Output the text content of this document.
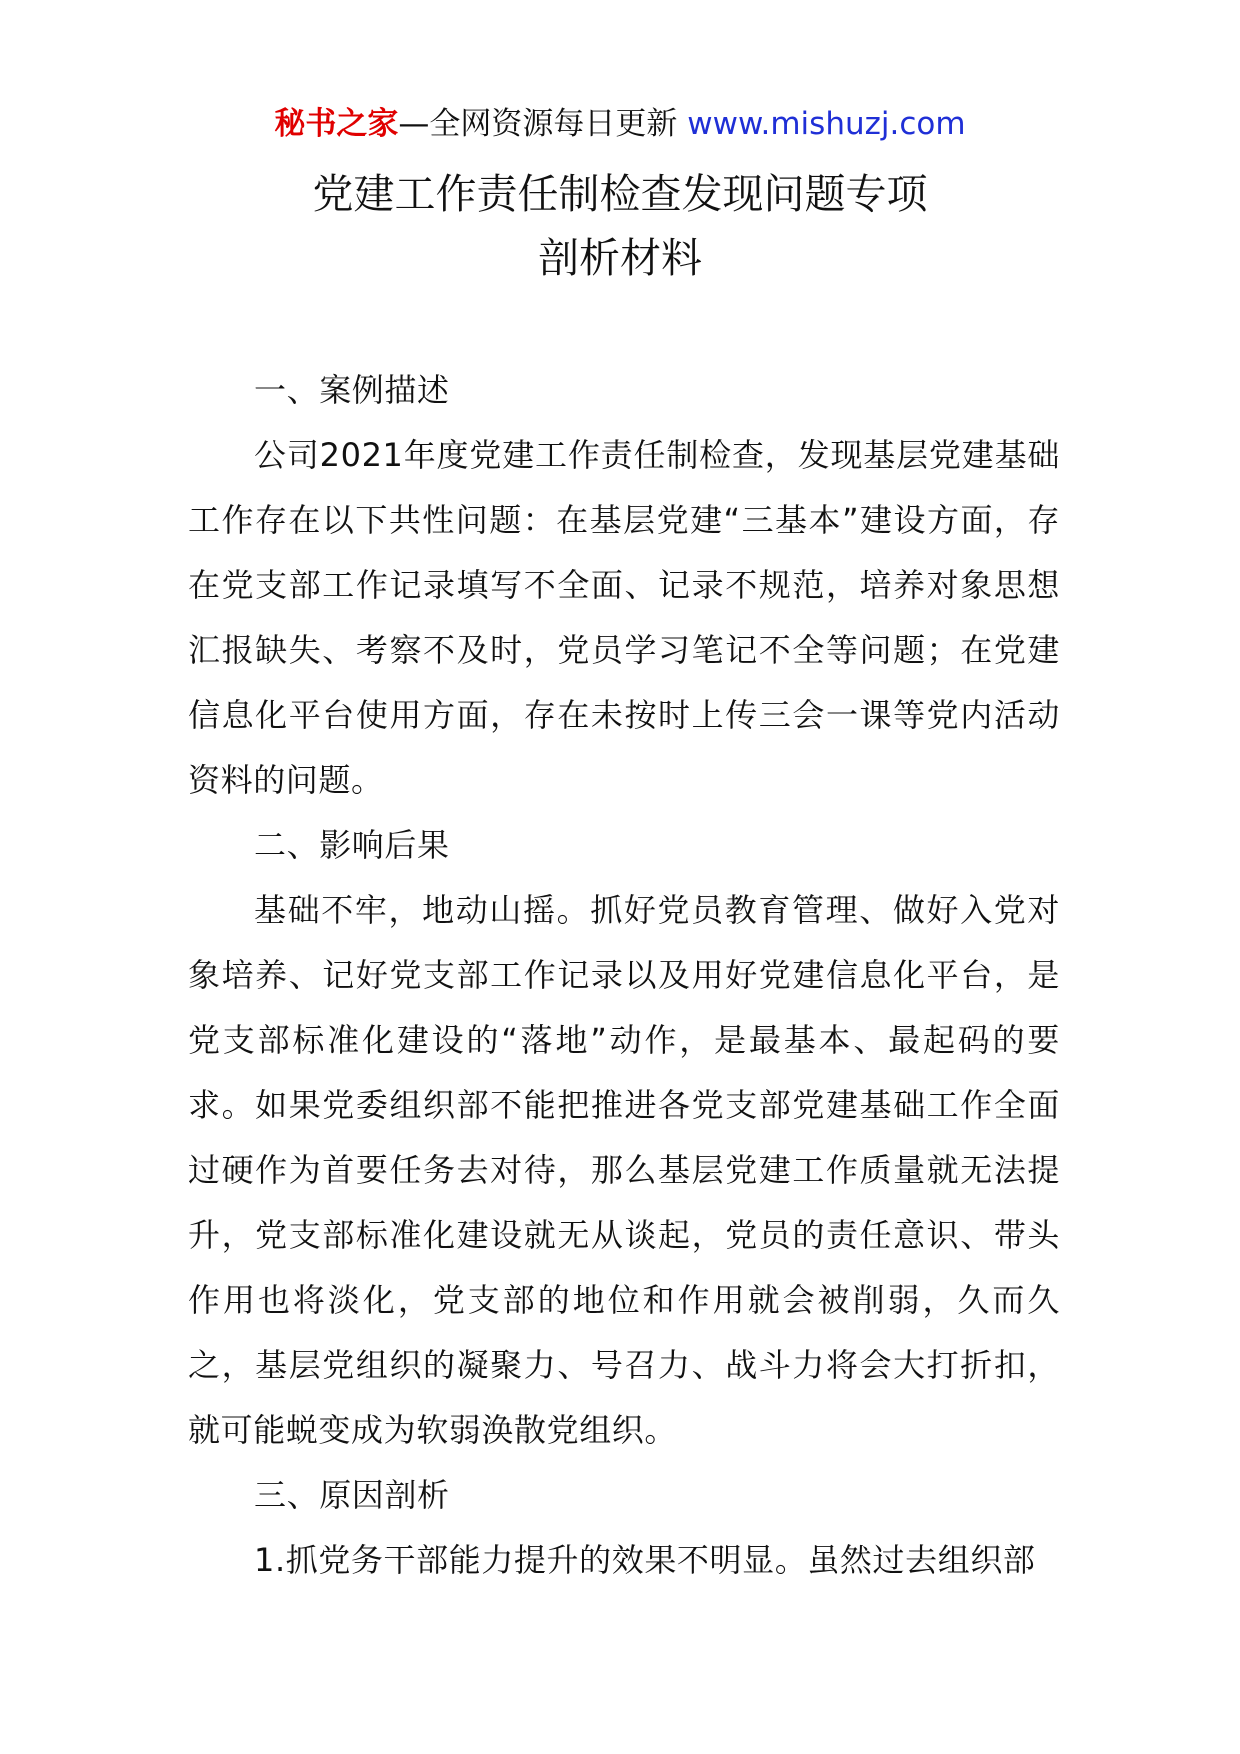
秘书之家—全网资源每日更新 www.mishuzj.com
党建工作责任制检查发现问题专项
剖析材料

一、案例描述

公司2021年度党建工作责任制检查，发现基层党建基础工作存在以下共性问题：在基层党建“三基本”建设方面，存在党支部工作记录填写不全面、记录不规范，培养对象思想汇报缺失、考察不及时，党员学习笔记不全等问题；在党建信息化平台使用方面，存在未按时上传三会一课等党内活动资料的问题。

二、影响后果

基础不牢，地动山摇。抓好党员教育管理、做好入党对象培养、记好党支部工作记录以及用好党建信息化平台，是党支部标准化建设的“落地”动作，是最基本、最起码的要求。如果党委组织部不能把推进各党支部党建基础工作全面过硬作为首要任务去对待，那么基层党建工作质量就无法提升，党支部标准化建设就无从谈起，党员的责任意识、带头作用也将淡化，党支部的地位和作用就会被削弱，久而久之，基层党组织的凝聚力、号召力、战斗力将会大打折扣，就可能蜕变成为软弱涣散党组织。

三、原因剖析

1.抓党务干部能力提升的效果不明显。虽然过去组织部
